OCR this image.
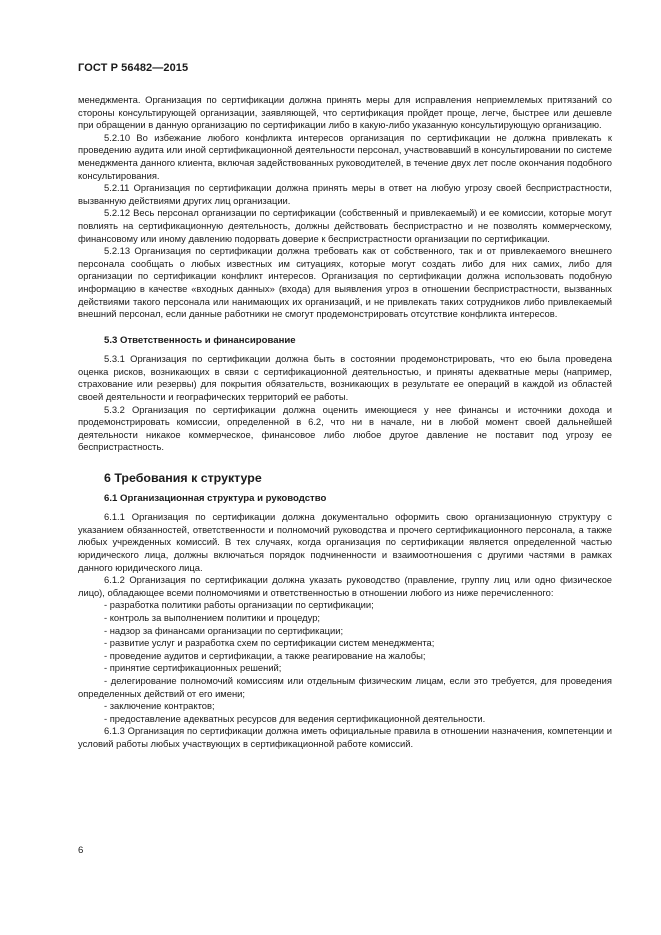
ГОСТ Р 56482—2015

менеджмента. Организация по сертификации должна принять меры для исправления неприемлемых притязаний со стороны консультирующей организации, заявляющей, что сертификация пройдет проще, легче, быстрее или дешевле при обращении в данную организацию по сертификации либо в какую-либо указанную консультирующую организацию.

5.2.10 Во избежание любого конфликта интересов организация по сертификации не должна привлекать к проведению аудита или иной сертификационной деятельности персонал, участвовавший в консультировании по системе менеджмента данного клиента, включая задействованных руководителей, в течение двух лет после окончания подобного консультирования.

5.2.11 Организация по сертификации должна принять меры в ответ на любую угрозу своей беспристрастности, вызванную действиями других лиц организации.

5.2.12 Весь персонал организации по сертификации (собственный и привлекаемый) и ее комиссии, которые могут повлиять на сертификационную деятельность, должны действовать беспристрастно и не позволять коммерческому, финансовому или иному давлению подорвать доверие к беспристрастности организации по сертификации.

5.2.13 Организация по сертификации должна требовать как от собственного, так и от привлекаемого внешнего персонала сообщать о любых известных им ситуациях, которые могут создать либо для них самих, либо для организации по сертификации конфликт интересов. Организация по сертификации должна использовать подобную информацию в качестве «входных данных» (входа) для выявления угроз в отношении беспристрастности, вызванных действиями такого персонала или нанимающих их организаций, и не привлекать таких сотрудников либо привлекаемый внешний персонал, если данные работники не смогут продемонстрировать отсутствие конфликта интересов.

5.3 Ответственность и финансирование

5.3.1 Организация по сертификации должна быть в состоянии продемонстрировать, что ею была проведена оценка рисков, возникающих в связи с сертификационной деятельностью, и приняты адекватные меры (например, страхование или резервы) для покрытия обязательств, возникающих в результате ее операций в каждой из областей своей деятельности и географических территорий ее работы.

5.3.2 Организация по сертификации должна оценить имеющиеся у нее финансы и источники дохода и продемонстрировать комиссии, определенной в 6.2, что ни в начале, ни в любой момент своей дальнейшей деятельности никакое коммерческое, финансовое либо любое другое давление не поставит под угрозу ее беспристрастность.

6 Требования к структуре
6.1 Организационная структура и руководство

6.1.1 Организация по сертификации должна документально оформить свою организационную структуру с указанием обязанностей, ответственности и полномочий руководства и прочего сертификационного персонала, а также любых учрежденных комиссий. В тех случаях, когда организация по сертификации является определенной частью юридического лица, должны включаться порядок подчиненности и взаимоотношения с другими частями в рамках данного юридического лица.

6.1.2 Организация по сертификации должна указать руководство (правление, группу лиц или одно физическое лицо), обладающее всеми полномочиями и ответственностью в отношении любого из ниже перечисленного:

- разработка политики работы организации по сертификации;
- контроль за выполнением политики и процедур;
- надзор за финансами организации по сертификации;
- развитие услуг и разработка схем по сертификации систем менеджмента;
- проведение аудитов и сертификации, а также реагирование на жалобы;
- принятие сертификационных решений;
- делегирование полномочий комиссиям или отдельным физическим лицам, если это требуется, для проведения определенных действий от его имени;
- заключение контрактов;
- предоставление адекватных ресурсов для ведения сертификационной деятельности.

6.1.3 Организация по сертификации должна иметь официальные правила в отношении назначения, компетенции и условий работы любых участвующих в сертификационной работе комиссий.

6
